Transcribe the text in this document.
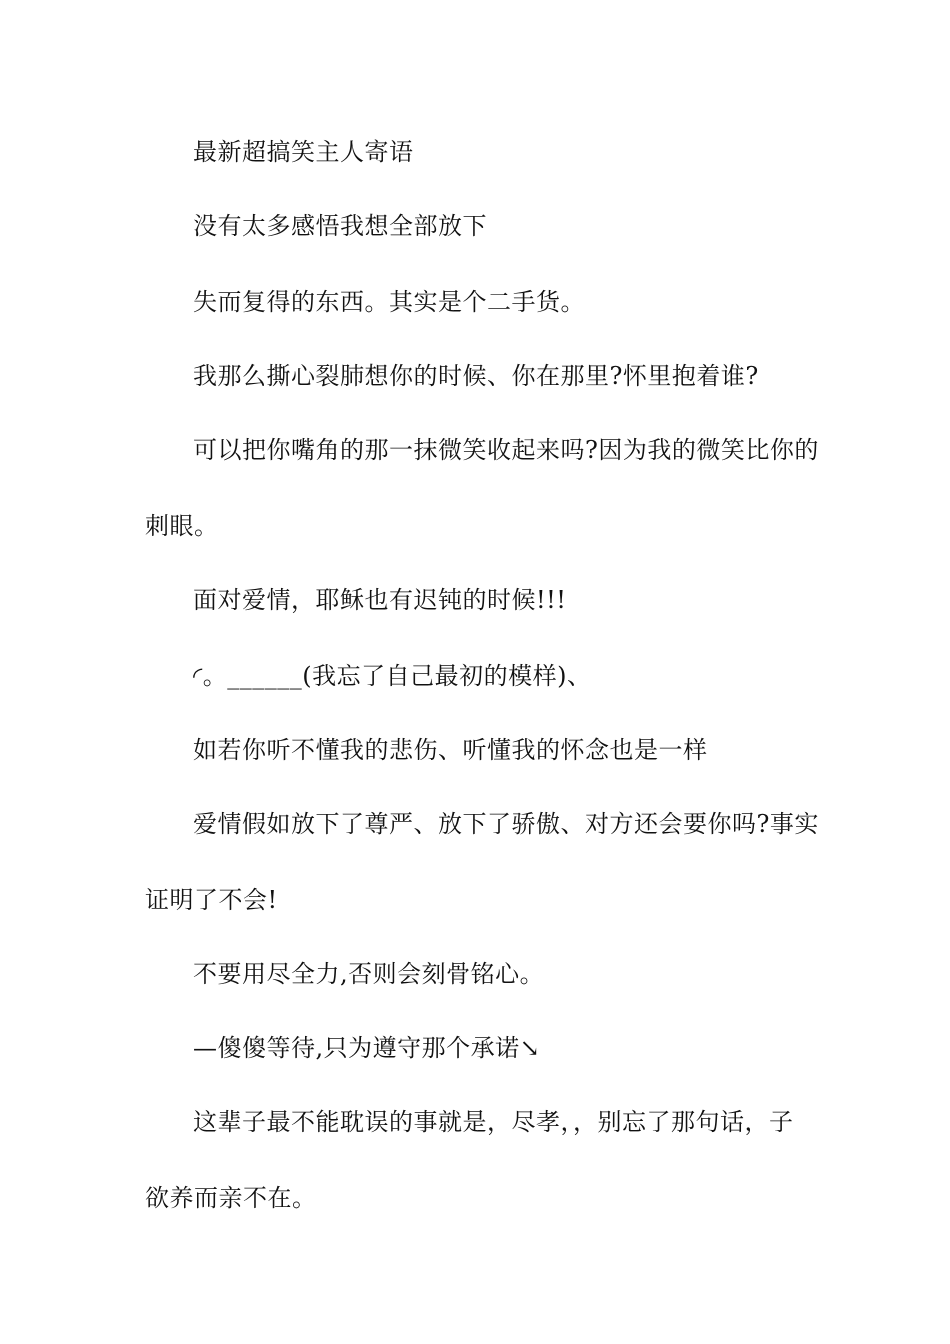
最新超搞笑主人寄语
没有太多感悟我想全部放下
失而复得的东西。其实是个二手货。
我那么撕心裂肺想你的时候、你在那里?怀里抱着谁?
可以把你嘴角的那一抹微笑收起来吗?因为我的微笑比你的
刺眼。
面对爱情，耶稣也有迟钝的时候!!!
◜。______(我忘了自己最初的模样)、
如若你听不懂我的悲伤、听懂我的怀念也是一样
爱情假如放下了尊严、放下了骄傲、对方还会要你吗?事实
证明了不会!
不要用尽全力,否则会刻骨铭心。
—傻傻等待,只为遵守那个承诺↘
这辈子最不能耽误的事就是，尽孝，，别忘了那句话，子
欲养而亲不在。
